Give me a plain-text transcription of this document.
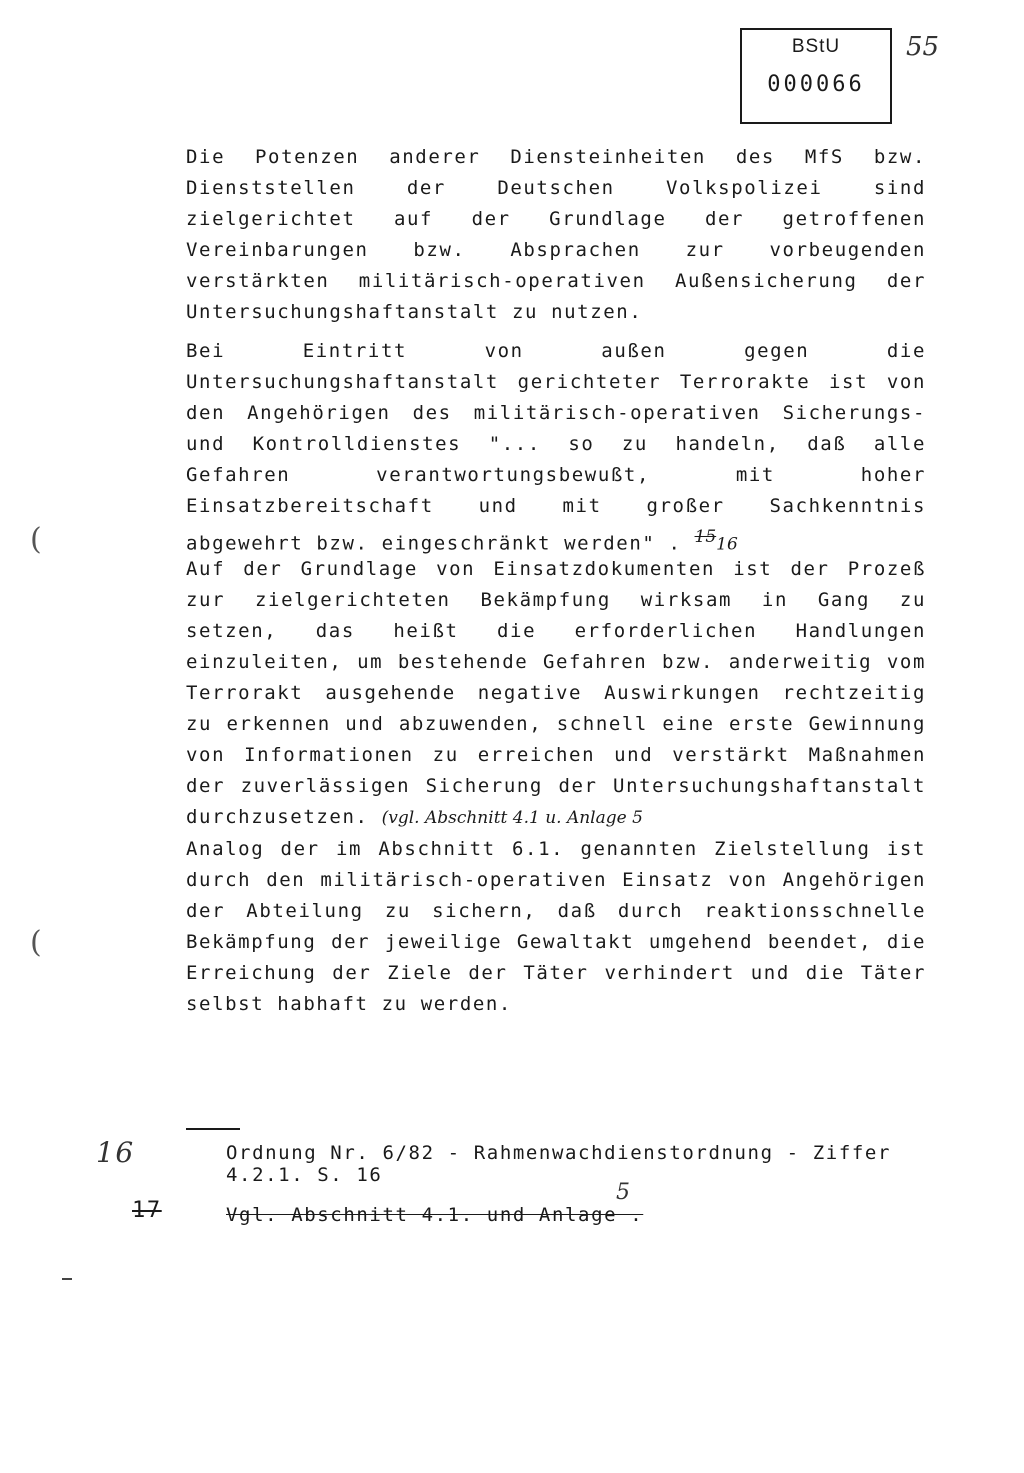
BStU
000066
55

Die Potenzen anderer Diensteinheiten des MfS bzw. Dienststellen der Deutschen Volkspolizei sind zielgerichtet auf der Grundlage der getroffenen Vereinbarungen bzw. Absprachen zur vorbeugenden verstärkten militärisch-operativen Außensicherung der Untersuchungshaftanstalt zu nutzen.

Bei Eintritt von außen gegen die Untersuchungshaftanstalt gerichteter Terrorakte ist von den Angehörigen des militärisch-operativen Sicherungs- und Kontrolldienstes "... so zu handeln, daß alle Gefahren verantwortungsbewußt, mit hoher Einsatzbereitschaft und mit großer Sachkenntnis abgewehrt bzw. eingeschränkt werden" . $^{15}$16

Auf der Grundlage von Einsatzdokumenten ist der Prozeß zur zielgerichteten Bekämpfung wirksam in Gang zu setzen, das heißt die erforderlichen Handlungen einzuleiten, um bestehende Gefahren bzw. anderweitig vom Terrorakt ausgehende negative Auswirkungen rechtzeitig zu erkennen und abzuwenden, schnell eine erste Gewinnung von Informationen zu erreichen und verstärkt Maßnahmen der zuverlässigen Sicherung der Untersuchungshaftanstalt durchzusetzen. (vgl. Abschnitt 4.1 u. Anlage 5

Analog der im Abschnitt 6.1. genannten Zielstellung ist durch den militärisch-operativen Einsatz von Angehörigen der Abteilung zu sichern, daß durch reaktionsschnelle Bekämpfung der jeweilige Gewaltakt umgehend beendet, die Erreichung der Ziele der Täter verhindert und die Täter selbst habhaft zu werden.

(
(
16	Ordnung Nr. 6/82 - Rahmenwachdienstordnung - Ziffer 4.2.1. S. 16
17	Vgl. Abschnitt 4.1. und Anlage .
5
